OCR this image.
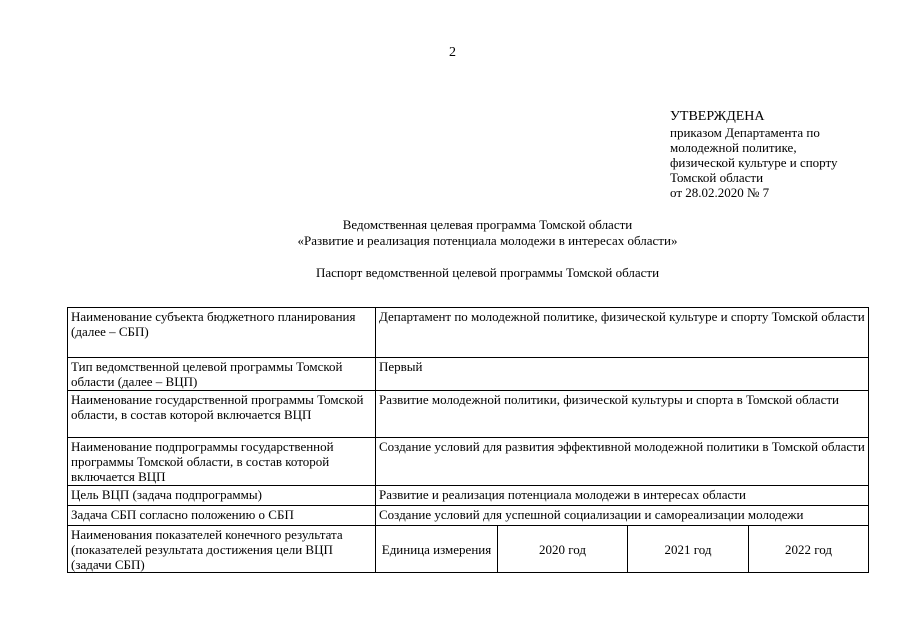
2
УТВЕРЖДЕНА
приказом Департамента по
молодежной политике,
физической культуре и спорту
Томской области
от 28.02.2020 № 7
Ведомственная целевая программа Томской области
«Развитие и реализация потенциала молодежи в интересах области»
Паспорт ведомственной целевой программы Томской области
Наименование субъекта бюджетного планирования (далее – СБП)	Департамент по молодежной политике, физической культуре и спорту Томской области			
Тип ведомственной целевой программы Томской области (далее – ВЦП)	Первый			
Наименование государственной программы Томской области, в состав которой включается ВЦП	Развитие молодежной политики, физической культуры и спорта в Томской области			
Наименование подпрограммы государственной программы Томской области, в состав которой включается ВЦП	Создание условий для развития эффективной молодежной политики в Томской области			
Цель ВЦП (задача подпрограммы)	Развитие и реализация потенциала молодежи в интересах области			
Задача СБП согласно положению о СБП	Создание условий для успешной социализации и самореализации молодежи			
Наименования показателей конечного результата (показателей результата достижения цели ВЦП (задачи СБП)	Единица измерения	2020 год	2021 год	2022 год
